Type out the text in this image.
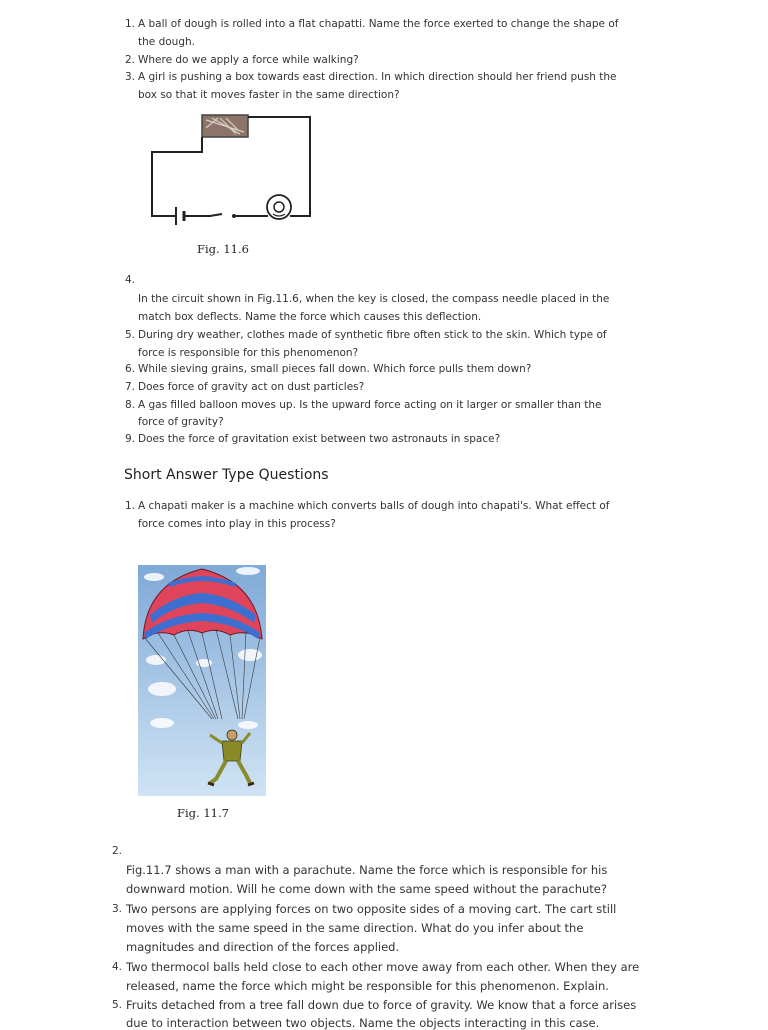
1. A ball of dough is rolled into a flat chapatti. Name the force exerted to change the shape of
the dough.
2. Where do we apply a force while walking?
3. A girl is pushing a box towards east direction. In which direction should her friend push the
box so that it moves faster in the same direction?
Fig. 11.6
4.
In the circuit shown in Fig.11.6, when the key is closed, the compass needle placed in the
match box deflects. Name the force which causes this deflection.
5. During dry weather, clothes made of synthetic fibre often stick to the skin. Which type of
force is responsible for this phenomenon?
6. While sieving grains, small pieces fall down. Which force pulls them down?
7. Does force of gravity act on dust particles?
8. A gas filled balloon moves up. Is the upward force acting on it larger or smaller than the
force of gravity?
9. Does the force of gravitation exist between two astronauts in space?
Short Answer Type Questions
1. A chapati maker is a machine which converts balls of dough into chapati's. What effect of
force comes into play in this process?
Fig. 11.7
2.
Fig.11.7 shows a man with a parachute. Name the force which is responsible for his
downward motion. Will he come down with the same speed without the parachute?
3. Two persons are applying forces on two opposite sides of a moving cart. The cart still
moves with the same speed in the same direction. What do you infer about the
magnitudes and direction of the forces applied.
4. Two thermocol balls held close to each other move away from each other. When they are
released, name the force which might be responsible for this phenomenon. Explain.
5. Fruits detached from a tree fall down due to force of gravity. We know that a force arises
due to interaction between two objects. Name the objects interacting in this case.
